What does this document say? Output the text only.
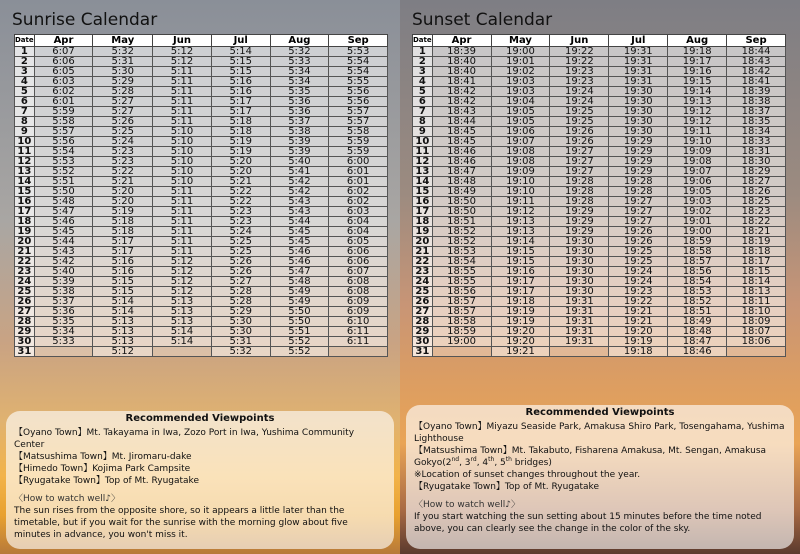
Sunrise Calendar
Date	Apr	May	Jun	Jul	Aug	Sep
1	6:07	5:32	5:12	5:14	5:32	5:53
2	6:06	5:31	5:12	5:15	5:33	5:54
3	6:05	5:30	5:11	5:15	5:34	5:54
4	6:03	5:29	5:11	5:16	5:34	5:55
5	6:02	5:28	5:11	5:16	5:35	5:56
6	6:01	5:27	5:11	5:17	5:36	5:56
7	5:59	5:27	5:11	5:17	5:36	5:57
8	5:58	5:26	5:11	5:18	5:37	5:57
9	5:57	5:25	5:10	5:18	5:38	5:58
10	5:56	5:24	5:10	5:19	5:39	5:59
11	5:54	5:23	5:10	5:19	5:39	5:59
12	5:53	5:23	5:10	5:20	5:40	6:00
13	5:52	5:22	5:10	5:20	5:41	6:01
14	5:51	5:21	5:10	5:21	5:42	6:01
15	5:50	5:20	5:11	5:22	5:42	6:02
16	5:48	5:20	5:11	5:22	5:43	6:02
17	5:47	5:19	5:11	5:23	5:43	6:03
18	5:46	5:18	5:11	5:23	5:44	6:04
19	5:45	5:18	5:11	5:24	5:45	6:04
20	5:44	5:17	5:11	5:25	5:45	6:05
21	5:43	5:17	5:11	5:25	5:46	6:06
22	5:42	5:16	5:12	5:26	5:46	6:06
23	5:40	5:16	5:12	5:26	5:47	6:07
24	5:39	5:15	5:12	5:27	5:48	6:08
25	5:38	5:15	5:12	5:28	5:49	6:08
26	5:37	5:14	5:13	5:28	5:49	6:09
27	5:36	5:14	5:13	5:29	5:50	6:09
28	5:35	5:13	5:13	5:30	5:50	6:10
29	5:34	5:13	5:14	5:30	5:51	6:11
30	5:33	5:13	5:14	5:31	5:52	6:11
31		5:12		5:32	5:52	
Recommended Viewpoints

【Oyano Town】Mt. Takayama in Iwa, Zozo Port in Iwa, Yushima Community Center

【Matsushima Town】Mt. Jiromaru-dake

【Himedo Town】Kojima Park Campsite

【Ryugatake Town】Top of Mt. Ryugatake

〈How to watch well♪〉

The sun rises from the opposite shore, so it appears a little later than the timetable, but if you wait for the sunrise with the morning glow about five minutes in advance, you won't miss it.

Sunset Calendar
Date	Apr	May	Jun	Jul	Aug	Sep
1	18:39	19:00	19:22	19:31	19:18	18:44
2	18:40	19:01	19:22	19:31	19:17	18:43
3	18:40	19:02	19:23	19:31	19:16	18:42
4	18:41	19:03	19:23	19:31	19:15	18:41
5	18:42	19:03	19:24	19:30	19:14	18:39
6	18:42	19:04	19:24	19:30	19:13	18:38
7	18:43	19:05	19:25	19:30	19:12	18:37
8	18:44	19:05	19:25	19:30	19:12	18:35
9	18:45	19:06	19:26	19:30	19:11	18:34
10	18:45	19:07	19:26	19:29	19:10	18:33
11	18:46	19:08	19:27	19:29	19:09	18:31
12	18:46	19:08	19:27	19:29	19:08	18:30
13	18:47	19:09	19:27	19:29	19:07	18:29
14	18:48	19:10	19:28	19:28	19:06	18:27
15	18:49	19:10	19:28	19:28	19:05	18:26
16	18:50	19:11	19:28	19:27	19:03	18:25
17	18:50	19:12	19:29	19:27	19:02	18:23
18	18:51	19:13	19:29	19:27	19:01	18:22
19	18:52	19:13	19:29	19:26	19:00	18:21
20	18:52	19:14	19:30	19:26	18:59	18:19
21	18:53	19:15	19:30	19:25	18:58	18:18
22	18:54	19:15	19:30	19:25	18:57	18:17
23	18:55	19:16	19:30	19:24	18:56	18:15
24	18:55	19:17	19:30	19:24	18:54	18:14
25	18:56	19:17	19:30	19:23	18:53	18:13
26	18:57	19:18	19:31	19:22	18:52	18:11
27	18:57	19:19	19:31	19:21	18:51	18:10
28	18:58	19:19	19:31	19:21	18:49	18:09
29	18:59	19:20	19:31	19:20	18:48	18:07
30	19:00	19:20	19:31	19:19	18:47	18:06
31		19:21		19:18	18:46	
Recommended Viewpoints

【Oyano Town】Miyazu Seaside Park, Amakusa Shiro Park, Tosengahama, Yushima Lighthouse

【Matsushima Town】Mt. Takabuto, Fisharena Amakusa, Mt. Sengan, Amakusa Gokyo(2nd, 3rd, 4th, 5th bridges)

※Location of sunset changes throughout the year.

【Ryugatake Town】Top of Mt. Ryugatake

〈How to watch well♪〉

If you start watching the sun setting about 15 minutes before the time noted above, you can clearly see the change in the color of the sky.
